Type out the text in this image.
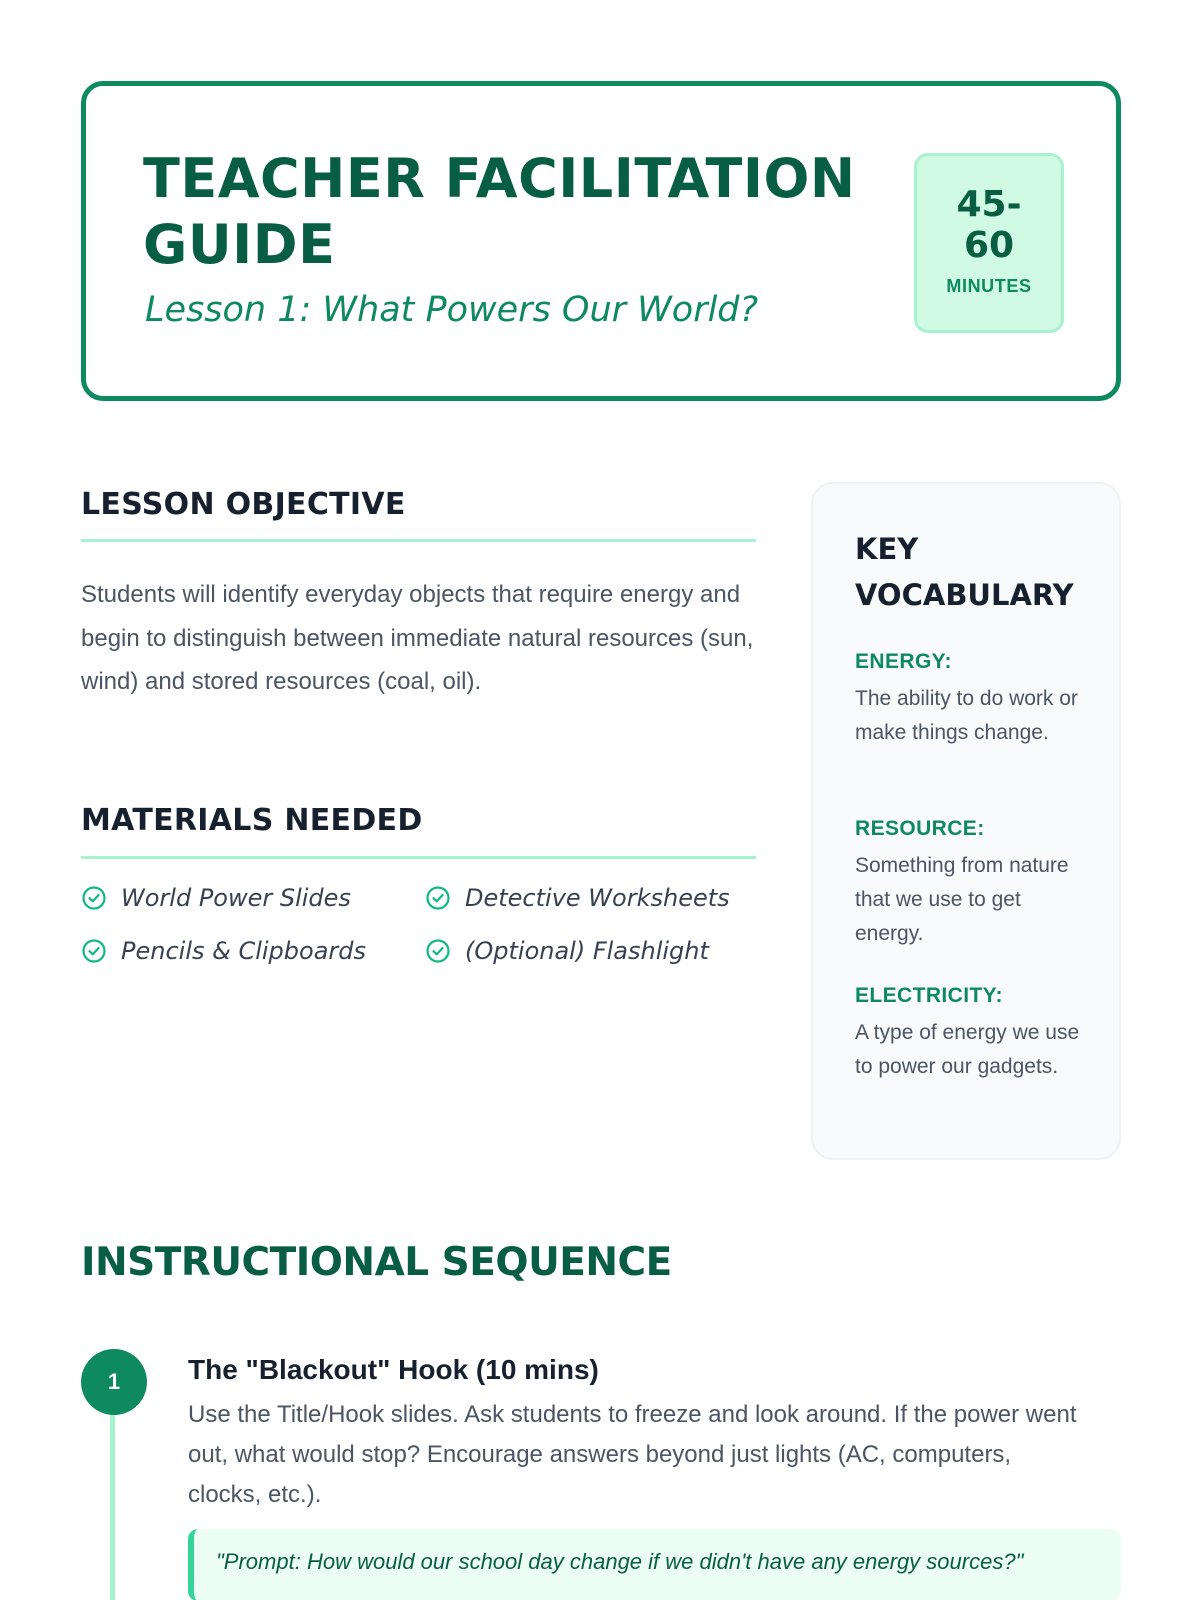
TEACHER FACILITATION GUIDE
Lesson 1: What Powers Our World?
45-60
MINUTES
LESSON OBJECTIVE
Students will identify everyday objects that require energy and begin to distinguish between immediate natural resources (sun, wind) and stored resources (coal, oil).
MATERIALS NEEDED
World Power Slides	Detective Worksheets
Pencils & Clipboards	(Optional) Flashlight
KEY VOCABULARY
ENERGY:
The ability to do work or make things change.
RESOURCE:
Something from nature that we use to get energy.
ELECTRICITY:
A type of energy we use to power our gadgets.
INSTRUCTIONAL SEQUENCE
1	The "Blackout" Hook (10 mins)
Use the Title/Hook slides. Ask students to freeze and look around. If the power went out, what would stop? Encourage answers beyond just lights (AC, computers, clocks, etc.).
"Prompt: How would our school day change if we didn't have any energy sources?"
